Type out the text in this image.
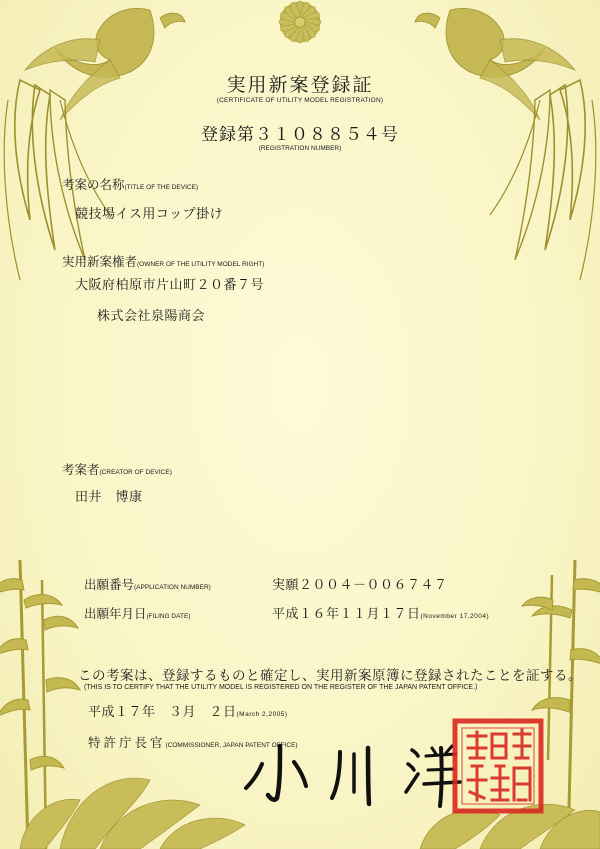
実用新案登録証
(CERTIFICATE OF UTILITY MODEL REGISTRATION)
登録第３１０８８５４号
(REGISTRATION NUMBER)
考案の名称(TITLE OF THE DEVICE)
競技場イス用コップ掛け
実用新案権者(OWNER OF THE UTILITY MODEL RIGHT)
大阪府柏原市片山町２０番７号
株式会社泉陽商会
考案者(CREATOR OF DEVICE)
田井　博康
出願番号(APPLICATION NUMBER)	実願２００４－００６７４７
出願年月日(FILING DATE)	平成１６年１１月１７日(November 17,2004)
この考案は、登録するものと確定し、実用新案原簿に登録されたことを証する。
(THIS IS TO CERTIFY THAT THE UTILITY MODEL IS REGISTERED ON THE REGISTER OF THE JAPAN PATENT OFFICE.)
平成１７年　３月　２日(March 2,2005)
特許庁長官(COMMISSIONER, JAPAN PATENT OFFICE)
